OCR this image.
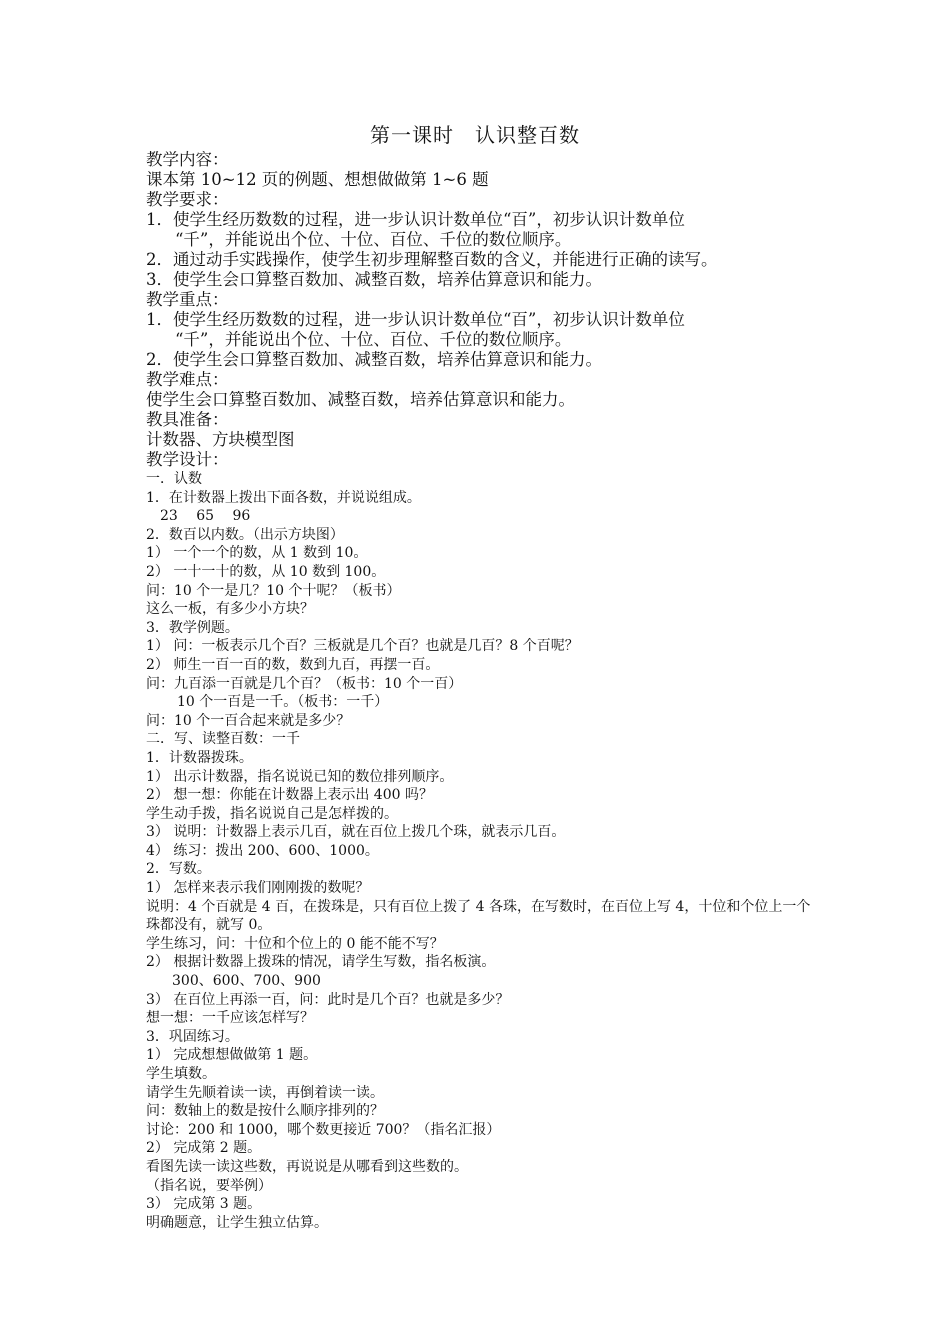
第一课时　认识整百数
教学内容：
课本第 10~12 页的例题、想想做做第 1~6 题
教学要求：
1．使学生经历数数的过程，进一步认识计数单位“百”，初步认识计数单位
“千”，并能说出个位、十位、百位、千位的数位顺序。
2．通过动手实践操作，使学生初步理解整百数的含义，并能进行正确的读写。
3．使学生会口算整百数加、减整百数，培养估算意识和能力。
教学重点：
1．使学生经历数数的过程，进一步认识计数单位“百”，初步认识计数单位
“千”，并能说出个位、十位、百位、千位的数位顺序。
2．使学生会口算整百数加、减整百数，培养估算意识和能力。
教学难点：
使学生会口算整百数加、减整百数，培养估算意识和能力。
教具准备：
计数器、方块模型图
教学设计：
一．认数
1．在计数器上拨出下面各数，并说说组成。
23　 65　 96
2．数百以内数。（出示方块图）
1） 一个一个的数，从 1 数到 10。
2） 一十一十的数，从 10 数到 100。
问：10 个一是几？10 个十呢？（板书）
这么一板，有多少小方块？
3．教学例题。
1） 问：一板表示几个百？三板就是几个百？也就是几百？8 个百呢？
2） 师生一百一百的数，数到九百，再摆一百。
问：九百添一百就是几个百？（板书：10 个一百）
10 个一百是一千。（板书：一千）
问：10 个一百合起来就是多少？
二．写、读整百数：一千
1．计数器拨珠。
1） 出示计数器，指名说说已知的数位排列顺序。
2） 想一想：你能在计数器上表示出 400 吗？
学生动手拨，指名说说自己是怎样拨的。
3） 说明：计数器上表示几百，就在百位上拨几个珠，就表示几百。
4） 练习：拨出 200、600、1000。
2．写数。
1） 怎样来表示我们刚刚拨的数呢？
说明：4 个百就是 4 百，在拨珠是，只有百位上拨了 4 各珠，在写数时，在百位上写 4，十位和个位上一个珠都没有，就写 0。
学生练习，问：十位和个位上的 0 能不能不写？
2） 根据计数器上拨珠的情况，请学生写数，指名板演。
300、600、700、900
3） 在百位上再添一百，问：此时是几个百？也就是多少？
想一想：一千应该怎样写？
3．巩固练习。
1） 完成想想做做第 1 题。
学生填数。
请学生先顺着读一读，再倒着读一读。
问：数轴上的数是按什么顺序排列的？
讨论：200 和 1000，哪个数更接近 700？（指名汇报）
2） 完成第 2 题。
看图先读一读这些数，再说说是从哪看到这些数的。
（指名说，要举例）
3） 完成第 3 题。
明确题意，让学生独立估算。
